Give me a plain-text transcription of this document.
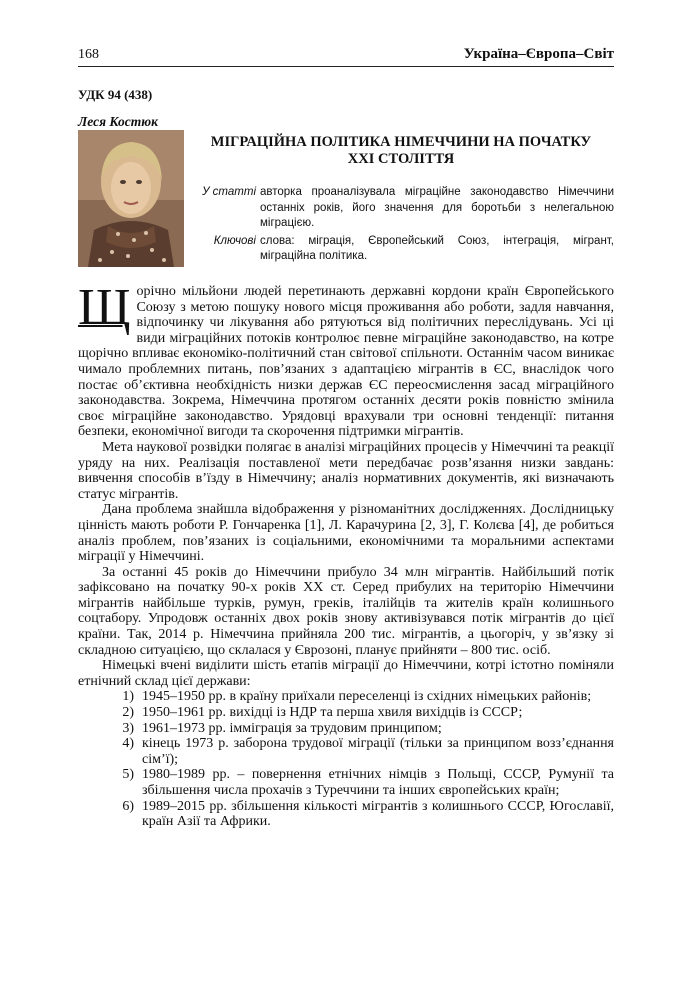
168	Україна–Європа–Світ
УДК 94 (438)
Леся Костюк
МІГРАЦІЙНА ПОЛІТИКА НІМЕЧЧИНИ НА ПОЧАТКУ
ХХІ СТОЛІТТЯ
У статті авторка проаналізувала міграційне законодавство Німеччини останніх років, його значення для боротьби з нелегальною міграцією.
Ключові слова: міграція, Європейський Союз, інтеграція, мігрант, міграційна політика.

Щорічно мільйони людей перетинають державні кордони країн Європейського Союзу з метою пошуку нового місця проживання або роботи, задля навчання, відпочинку чи лікування або рятуються від політичних переслідувань. Усі ці види міграційних потоків контролює певне міграційне законодавство, на котре щорічно впливає економіко-політичний стан світової спільноти. Останнім часом виникає чимало проблемних питань, пов’язаних з адаптацією мігрантів в ЄС, внаслідок чого постає об’єктивна необхідність низки держав ЄС переосмислення засад міграційного законодавства. Зокрема, Німеччина протягом останніх десяти років повністю змінила своє міграційне законодавство. Урядовці врахували три основні тенденції: питання безпеки, економічної вигоди та скорочення підтримки мігрантів.

Мета наукової розвідки полягає в аналізі міграційних процесів у Німеччині та реакції уряду на них. Реалізація поставленої мети передбачає розв’язання низки завдань: вивчення способів в’їзду в Німеччину; аналіз нормативних документів, які визначають статус мігрантів.

Дана проблема знайшла відображення у різноманітних дослідженнях. Дослідницьку цінність мають роботи Р. Гончаренка [1], Л. Карачурина [2, 3], Г. Колєва [4], де робиться аналіз проблем, пов’язаних із соціальними, економічними та моральними аспектами міграції у Німеччині.

За останні 45 років до Німеччини прибуло 34 млн мігрантів. Найбільший потік зафіксовано на початку 90-х років ХХ ст. Серед прибулих на територію Німеччини мігрантів найбільше турків, румун, греків, італійців та жителів країн колишнього соцтабору. Упродовж останніх двох років знову активізувався потік мігрантів до цієї країни. Так, 2014 р. Німеччина прийняла 200 тис. мігрантів, а цьогоріч, у зв’язку зі складною ситуацією, що склалася у Єврозоні, планує прийняти – 800 тис. осіб.

Німецькі вчені виділити шість етапів міграції до Німеччини, котрі істотно поміняли етнічний склад цієї держави:

1) 1945–1950 рр. в країну приїхали переселенці із східних німецьких районів;
2) 1950–1961 рр. вихідці із НДР та перша хвиля вихідців із СССР;
3) 1961–1973 рр. імміграція за трудовим принципом;
4) кінець 1973 р. заборона трудової міграції (тільки за принципом возз’єднання сім’ї);
5) 1980–1989 рр. – повернення етнічних німців з Польщі, СССР, Румунії та збільшення числа прохачів з Туреччини та інших європейських країн;
6) 1989–2015 рр. збільшення кількості мігрантів з колишнього СССР, Югославії, країн Азії та Африки.
